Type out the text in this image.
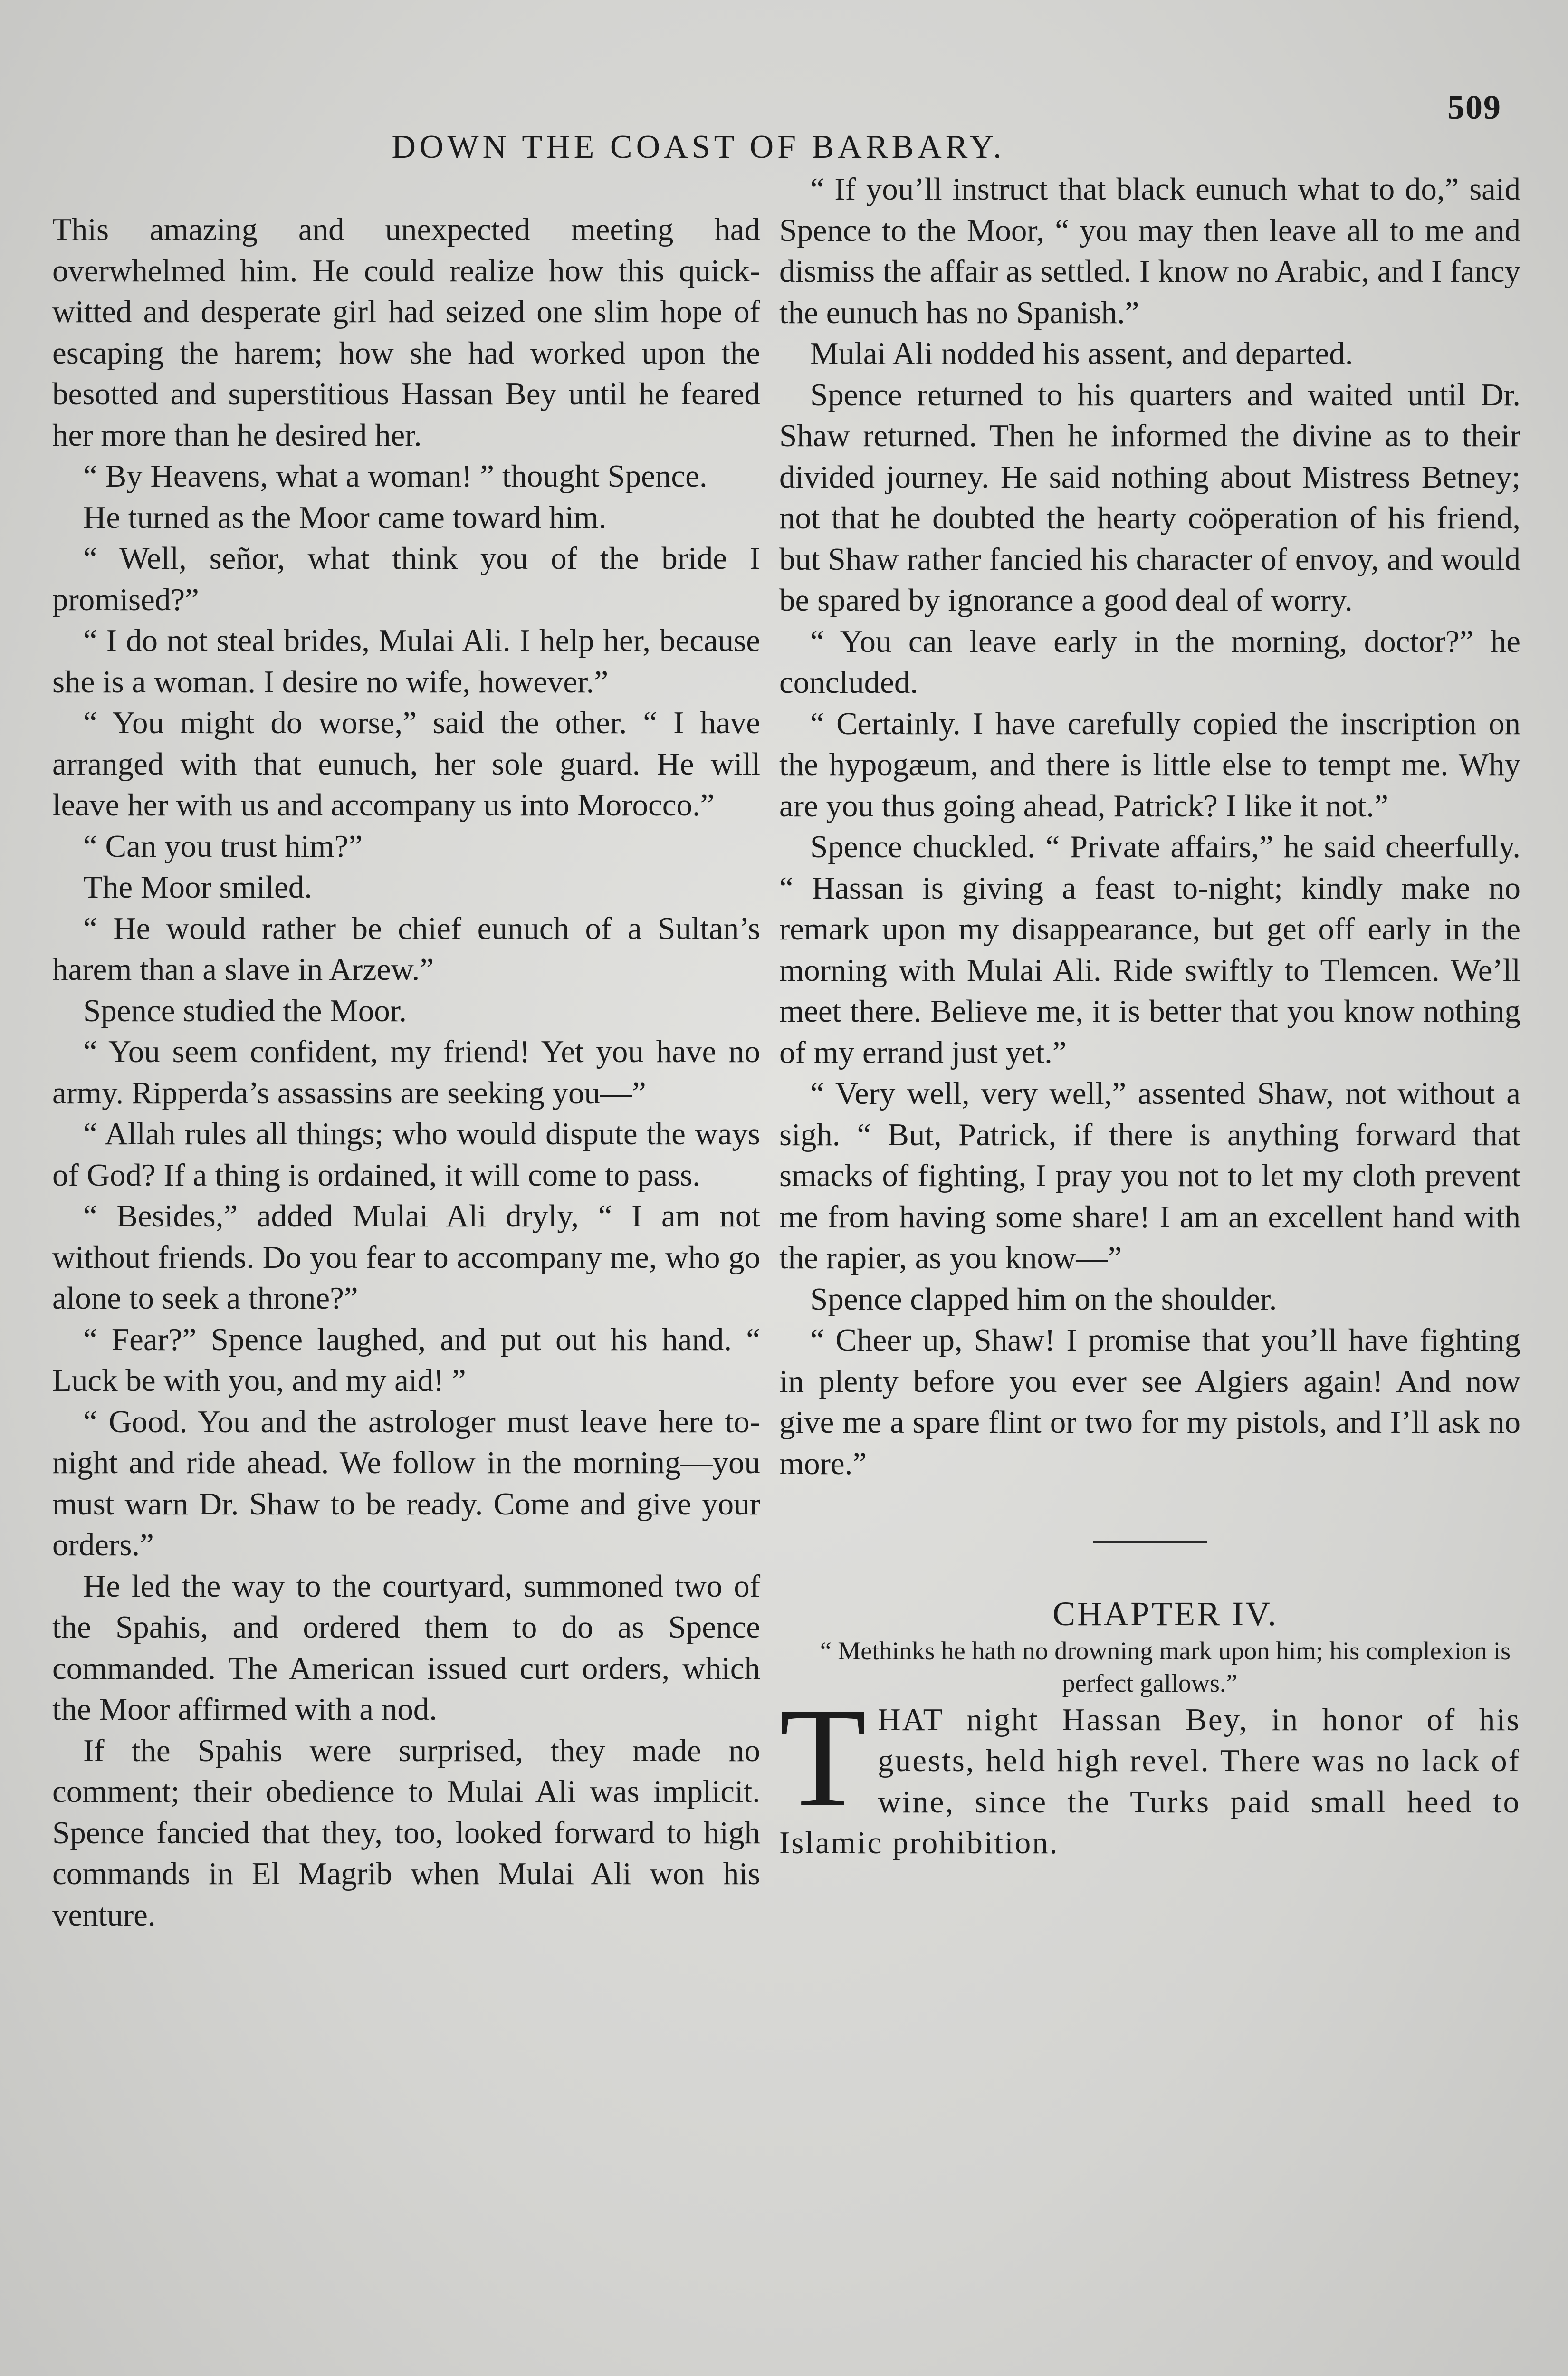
509
DOWN THE COAST OF BARBARY.

This amazing and unexpected meeting had overwhelmed him. He could realize how this quick-witted and desperate girl had seized one slim hope of escaping the harem; how she had worked upon the besotted and superstitious Hassan Bey until he feared her more than he desired her.

“ By Heavens, what a woman! ” thought Spence.

He turned as the Moor came toward him.

“ Well, señor, what think you of the bride I promised?”

“ I do not steal brides, Mulai Ali. I help her, because she is a woman. I desire no wife, however.”

“ You might do worse,” said the other. “ I have arranged with that eunuch, her sole guard. He will leave her with us and accompany us into Morocco.”

“ Can you trust him?”

The Moor smiled.

“ He would rather be chief eunuch of a Sultan’s harem than a slave in Arzew.”

Spence studied the Moor.

“ You seem confident, my friend! Yet you have no army. Ripperda’s assassins are seeking you—”

“ Allah rules all things; who would dispute the ways of God? If a thing is ordained, it will come to pass.

“ Besides,” added Mulai Ali dryly, “ I am not without friends. Do you fear to accompany me, who go alone to seek a throne?”

“ Fear?” Spence laughed, and put out his hand. “ Luck be with you, and my aid! ”

“ Good. You and the astrologer must leave here to-night and ride ahead. We follow in the morning—you must warn Dr. Shaw to be ready. Come and give your orders.”

He led the way to the courtyard, summoned two of the Spahis, and ordered them to do as Spence commanded. The American issued curt orders, which the Moor affirmed with a nod.

If the Spahis were surprised, they made no comment; their obedience to Mulai Ali was implicit. Spence fancied that they, too, looked forward to high commands in El Magrib when Mulai Ali won his venture.

“ If you’ll instruct that black eunuch what to do,” said Spence to the Moor, “ you may then leave all to me and dismiss the affair as settled. I know no Arabic, and I fancy the eunuch has no Spanish.”

Mulai Ali nodded his assent, and departed.

Spence returned to his quarters and waited until Dr. Shaw returned. Then he informed the divine as to their divided journey. He said nothing about Mistress Betney; not that he doubted the hearty coöperation of his friend, but Shaw rather fancied his character of envoy, and would be spared by ignorance a good deal of worry.

“ You can leave early in the morning, doctor?” he concluded.

“ Certainly. I have carefully copied the inscription on the hypogæum, and there is little else to tempt me. Why are you thus going ahead, Patrick? I like it not.”

Spence chuckled. “ Private affairs,” he said cheerfully. “ Hassan is giving a feast to-night; kindly make no remark upon my disappearance, but get off early in the morning with Mulai Ali. Ride swiftly to Tlemcen. We’ll meet there. Believe me, it is better that you know nothing of my errand just yet.”

“ Very well, very well,” assented Shaw, not without a sigh. “ But, Patrick, if there is anything forward that smacks of fighting, I pray you not to let my cloth prevent me from having some share! I am an excellent hand with the rapier, as you know—”

Spence clapped him on the shoulder.

“ Cheer up, Shaw! I promise that you’ll have fighting in plenty before you ever see Algiers again! And now give me a spare flint or two for my pistols, and I’ll ask no more.”

CHAPTER IV.

“ Methinks he hath no drowning mark upon him; his complexion is perfect gallows.”

THAT night Hassan Bey, in honor of his guests, held high revel. There was no lack of wine, since the Turks paid small heed to Islamic prohibition.
